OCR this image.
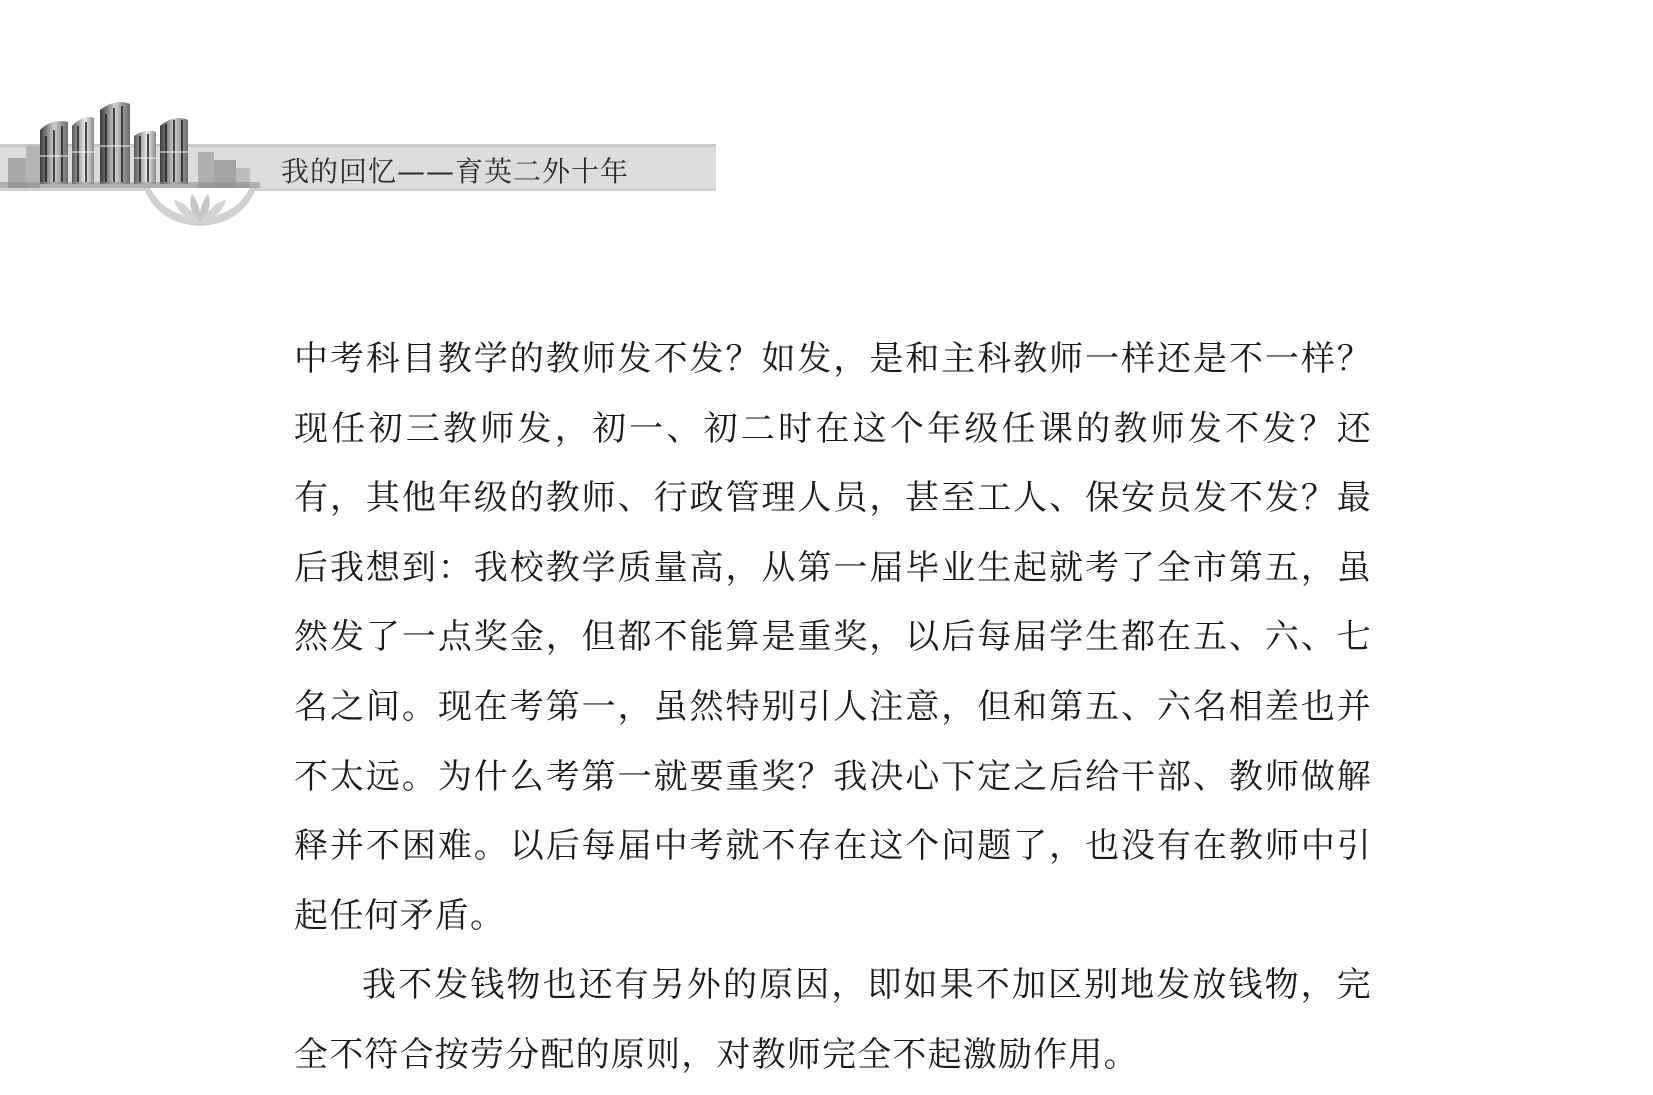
我的回忆——育英二外十年

中考科目教学的教师发不发？如发，是和主科教师一样还是不一样？现任初三教师发，初一、初二时在这个年级任课的教师发不发？还有，其他年级的教师、行政管理人员，甚至工人、保安员发不发？最后我想到：我校教学质量高，从第一届毕业生起就考了全市第五，虽然发了一点奖金，但都不能算是重奖，以后每届学生都在五、六、七名之间。现在考第一，虽然特别引人注意，但和第五、六名相差也并不太远。为什么考第一就要重奖？我决心下定之后给干部、教师做解释并不困难。以后每届中考就不存在这个问题了，也没有在教师中引起任何矛盾。

我不发钱物也还有另外的原因，即如果不加区别地发放钱物，完全不符合按劳分配的原则，对教师完全不起激励作用。
